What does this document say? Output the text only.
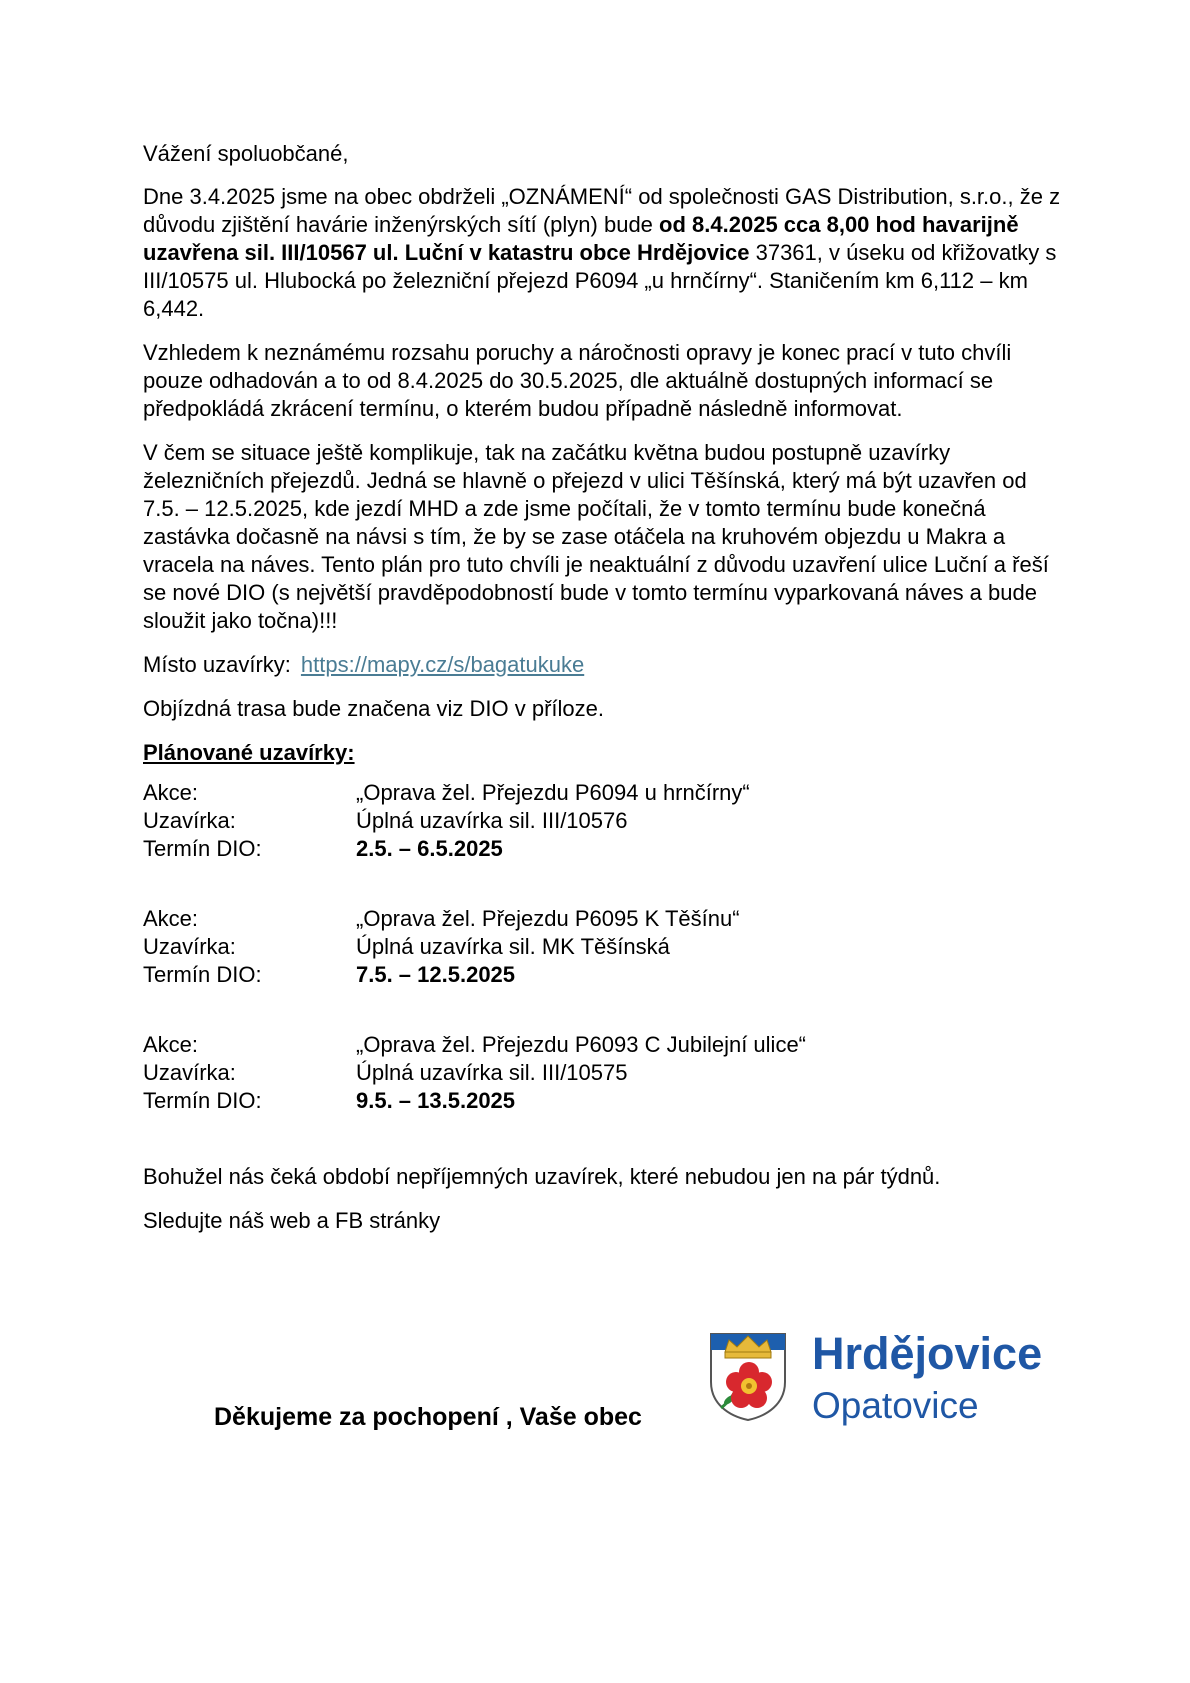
Vážení spoluobčané,

Dne 3.4.2025 jsme na obec obdrželi „OZNÁMENÍ“ od společnosti GAS Distribution, s.r.o., že z důvodu zjištění havárie inženýrských sítí (plyn) bude od 8.4.2025 cca 8,00 hod havarijně uzavřena sil. III/10567 ul. Luční v katastru obce Hrdějovice 37361, v úseku od křižovatky s III/10575 ul. Hlubocká po železniční přejezd P6094 „u hrnčírny“. Staničením km 6,112 – km 6,442.

Vzhledem k neznámému rozsahu poruchy a náročnosti opravy je konec prací v tuto chvíli pouze odhadován a to od 8.4.2025 do 30.5.2025, dle aktuálně dostupných informací se předpokládá zkrácení termínu, o kterém budou případně následně informovat.

V čem se situace ještě komplikuje, tak na začátku května budou postupně uzavírky železničních přejezdů. Jedná se hlavně o přejezd v ulici Těšínská, který má být uzavřen od 7.5. – 12.5.2025, kde jezdí MHD a zde jsme počítali, že v tomto termínu bude konečná zastávka dočasně na návsi s tím, že by se zase otáčela na kruhovém objezdu u Makra a vracela na náves. Tento plán pro tuto chvíli je neaktuální z důvodu uzavření ulice Luční a řeší se nové DIO (s největší pravděpodobností bude v tomto termínu vyparkovaná náves a bude sloužit jako točna)!!!

Místo uzavírky: https://mapy.cz/s/bagatukuke

Objízdná trasa bude značena viz DIO v příloze.

Plánované uzavírky:

Akce:	„Oprava žel. Přejezdu P6094 u hrnčírny“
Uzavírka:	Úplná uzavírka sil. III/10576
Termín DIO:	2.5. – 6.5.2025
Akce:	„Oprava žel. Přejezdu P6095 K Těšínu“
Uzavírka:	Úplná uzavírka sil. MK Těšínská
Termín DIO:	7.5. – 12.5.2025
Akce:	„Oprava žel. Přejezdu P6093 C Jubilejní ulice“
Uzavírka:	Úplná uzavírka sil. III/10575
Termín DIO:	9.5. – 13.5.2025

Bohužel nás čeká období nepříjemných uzavírek, které nebudou jen na pár týdnů.

Sledujte náš web a FB stránky

Děkujeme za pochopení , Vaše obec
Hrdějovice
Opatovice
